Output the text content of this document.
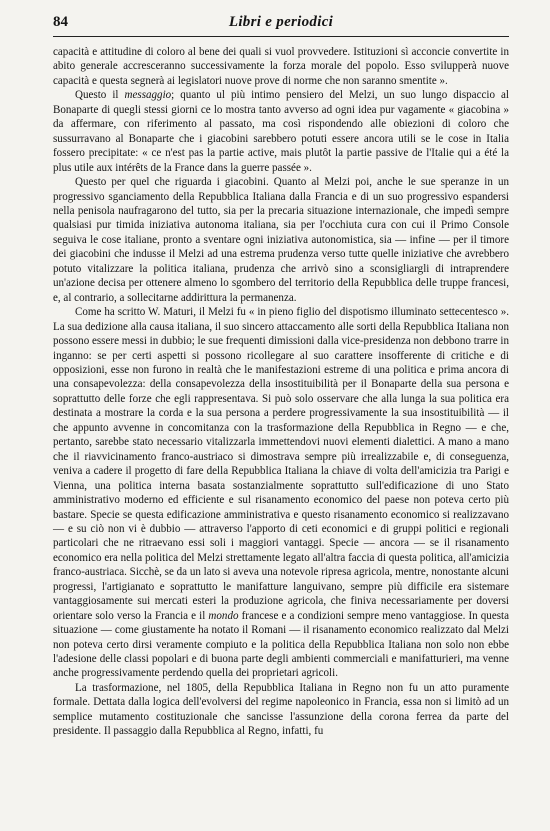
84	Libri e periodici

capacità e attitudine di coloro al bene dei quali si vuol provvedere. Istituzioni sì acconcie convertite in abito generale accresceranno successivamente la forza morale del popolo. Esso svilupperà nuove capacità e questa segnerà ai legislatori nuove prove di norme che non saranno smentite ».

Questo il messaggio; quanto ul più intimo pensiero del Melzi, un suo lungo dispaccio al Bonaparte di quegli stessi giorni ce lo mostra tanto avverso ad ogni idea pur vagamente « giacobina » da affermare, con riferimento al passato, ma così rispondendo alle obiezioni di coloro che sussurravano al Bonaparte che i giacobini sarebbero potuti essere ancora utili se le cose in Italia fossero precipitate: « ce n'est pas la partie active, mais plutôt la partie passive de l'Italie qui a été la plus utile aux intérêts de la France dans la guerre passée ».

Questo per quel che riguarda i giacobini. Quanto al Melzi poi, anche le sue speranze in un progressivo sganciamento della Repubblica Italiana dalla Francia e di un suo progressivo espandersi nella penisola naufragarono del tutto, sia per la precaria situazione internazionale, che impedì sempre qualsiasi pur timida iniziativa autonoma italiana, sia per l'occhiuta cura con cui il Primo Console seguiva le cose italiane, pronto a sventare ogni iniziativa autonomistica, sia — infine — per il timore dei giacobini che indusse il Melzi ad una estrema prudenza verso tutte quelle iniziative che avrebbero potuto vitalizzare la politica italiana, prudenza che arrivò sino a sconsigliargli di intraprendere un'azione decisa per ottenere almeno lo sgombero del territorio della Repubblica delle truppe francesi, e, al contrario, a sollecitarne addirittura la permanenza.

Come ha scritto W. Maturi, il Melzi fu « in pieno figlio del dispotismo illuminato settecentesco ». La sua dedizione alla causa italiana, il suo sincero attaccamento alle sorti della Repubblica Italiana non possono essere messi in dubbio; le sue frequenti dimissioni dalla vice-presidenza non debbono trarre in inganno: se per certi aspetti si possono ricollegare al suo carattere insofferente di critiche e di opposizioni, esse non furono in realtà che le manifestazioni estreme di una politica e prima ancora di una consapevolezza: della consapevolezza della insostituibilità per il Bonaparte della sua persona e soprattutto delle forze che egli rappresentava. Si può solo osservare che alla lunga la sua politica era destinata a mostrare la corda e la sua persona a perdere progressivamente la sua insostituibilità — il che appunto avvenne in concomitanza con la trasformazione della Repubblica in Regno — e che, pertanto, sarebbe stato necessario vitalizzarla immettendovi nuovi elementi dialettici. A mano a mano che il riavvicinamento franco-austriaco si dimostrava sempre più irrealizzabile e, di conseguenza, veniva a cadere il progetto di fare della Repubblica Italiana la chiave di volta dell'amicizia tra Parigi e Vienna, una politica interna basata sostanzialmente soprattutto sull'edificazione di uno Stato amministrativo moderno ed efficiente e sul risanamento economico del paese non poteva certo più bastare. Specie se questa edificazione amministrativa e questo risanamento economico si realizzavano — e su ciò non vi è dubbio — attraverso l'apporto di ceti economici e di gruppi politici e regionali particolari che ne ritraevano essi soli i maggiori vantaggi. Specie — ancora — se il risanamento economico era nella politica del Melzi strettamente legato all'altra faccia di questa politica, all'amicizia franco-austriaca. Sicchè, se da un lato si aveva una notevole ripresa agricola, mentre, nonostante alcuni progressi, l'artigianato e soprattutto le manifatture languivano, sempre più difficile era sistemare vantaggiosamente sui mercati esteri la produzione agricola, che finiva necessariamente per doversi orientare solo verso la Francia e il mondo francese e a condizioni sempre meno vantaggiose. In questa situazione — come giustamente ha notato il Romani — il risanamento economico realizzato dal Melzi non poteva certo dirsi veramente compiuto e la politica della Repubblica Italiana non solo non ebbe l'adesione delle classi popolari e di buona parte degli ambienti commerciali e manifatturieri, ma venne anche progressivamente perdendo quella dei proprietari agricoli.

La trasformazione, nel 1805, della Repubblica Italiana in Regno non fu un atto puramente formale. Dettata dalla logica dell'evolversi del regime napoleonico in Francia, essa non si limitò ad un semplice mutamento costituzionale che sancisse l'assunzione della corona ferrea da parte del presidente. Il passaggio dalla Repubblica al Regno, infatti, fu
